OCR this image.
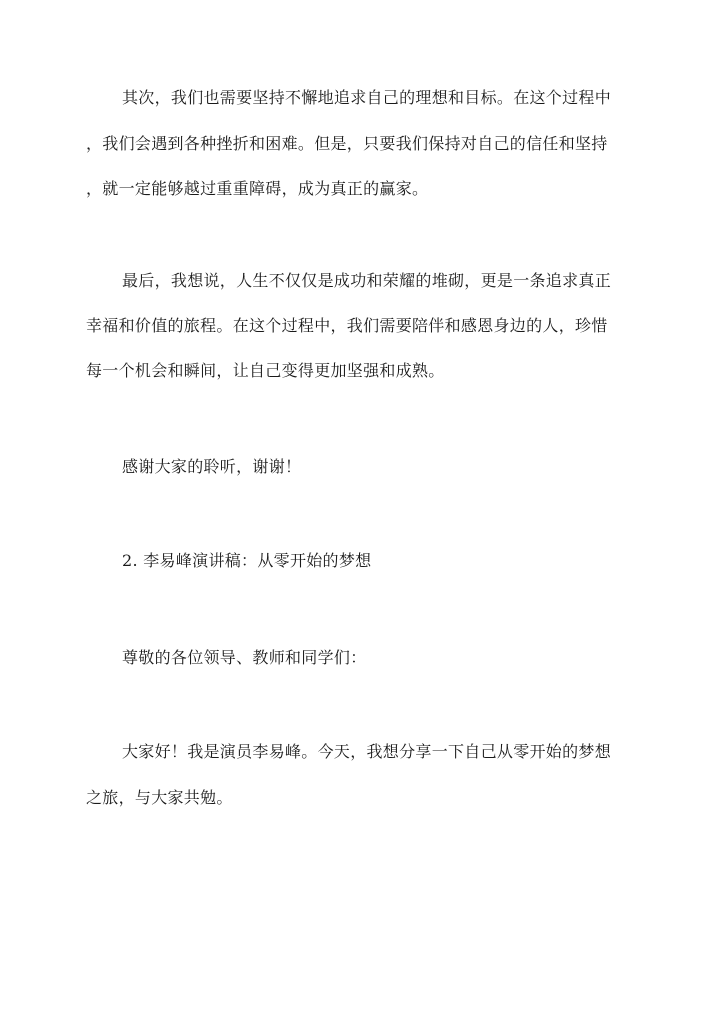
其次，我们也需要坚持不懈地追求自己的理想和目标。在这个过程中
，我们会遇到各种挫折和困难。但是，只要我们保持对自己的信任和坚持
，就一定能够越过重重障碍，成为真正的赢家。
最后，我想说，人生不仅仅是成功和荣耀的堆砌，更是一条追求真正
幸福和价值的旅程。在这个过程中，我们需要陪伴和感恩身边的人，珍惜
每一个机会和瞬间，让自己变得更加坚强和成熟。
感谢大家的聆听，谢谢！
2. 李易峰演讲稿：从零开始的梦想
尊敬的各位领导、教师和同学们：
大家好！我是演员李易峰。今天，我想分享一下自己从零开始的梦想
之旅，与大家共勉。
